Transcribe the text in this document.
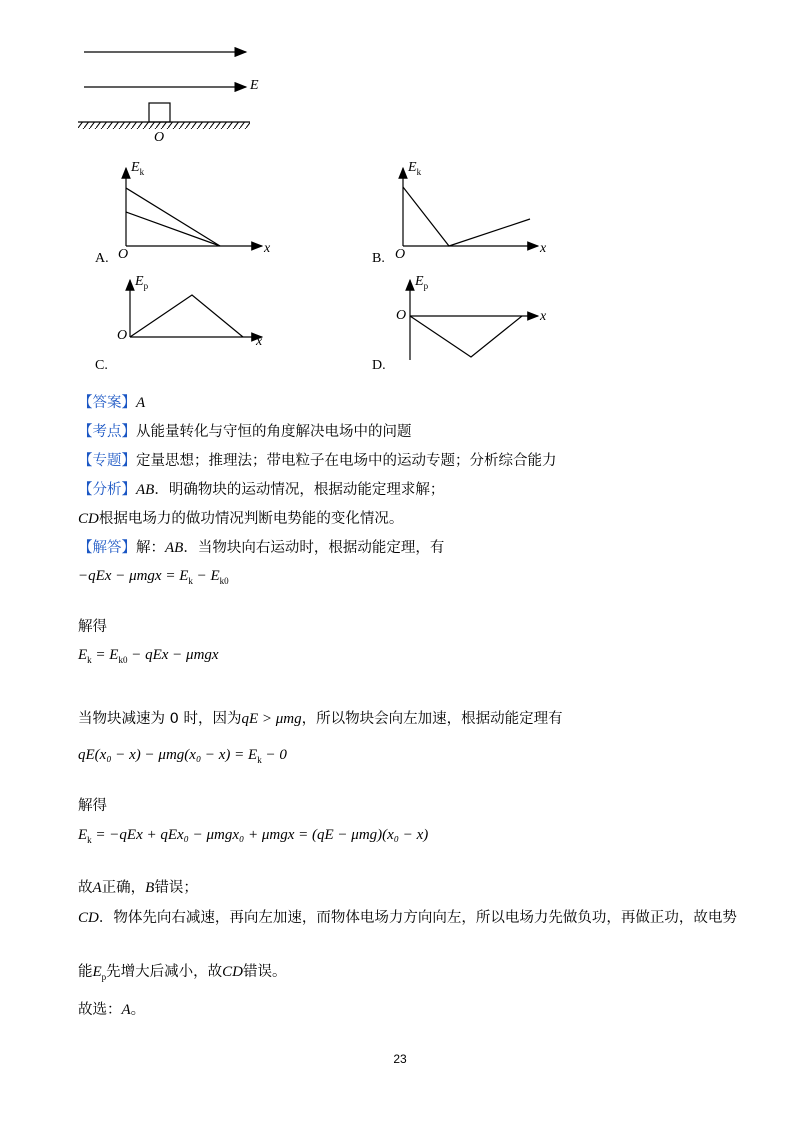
E
O
$E_k$
x
O
A.
$E_k$
x
O
B.
$E_p$
x
O
C.
$E_p$
x
O
D.
【答案】A
【考点】从能量转化与守恒的角度解决电场中的问题
【专题】定量思想；推理法；带电粒子在电场中的运动专题；分析综合能力
【分析】AB．明确物块的运动情况，根据动能定理求解；
CD根据电场力的做功情况判断电势能的变化情况。
【解答】解：AB．当物块向右运动时，根据动能定理，有
$-qEx - \mu mgx = E_k - E_{k0}$
解得
$E_k = E_{k0}$ − qEx − μmgx
当物块减速为 0 时，因为qE > μmg，所以物块会向左加速，根据动能定理有
$qE(x_0 - x) - \mu mg(x_0 - x) = E_k - 0$
解得
$E_k = -qEx + qEx_0 - \mu mgx_0 + \mu mgx = (qE - \mu mg)(x_0 - x)$
故A正确，B错误；
CD．物体先向右减速，再向左加速，而物体电场力方向向左，所以电场力先做负功，再做正功，故电势
能$E_p$先增大后减小，故CD错误。
故选：A。
23
